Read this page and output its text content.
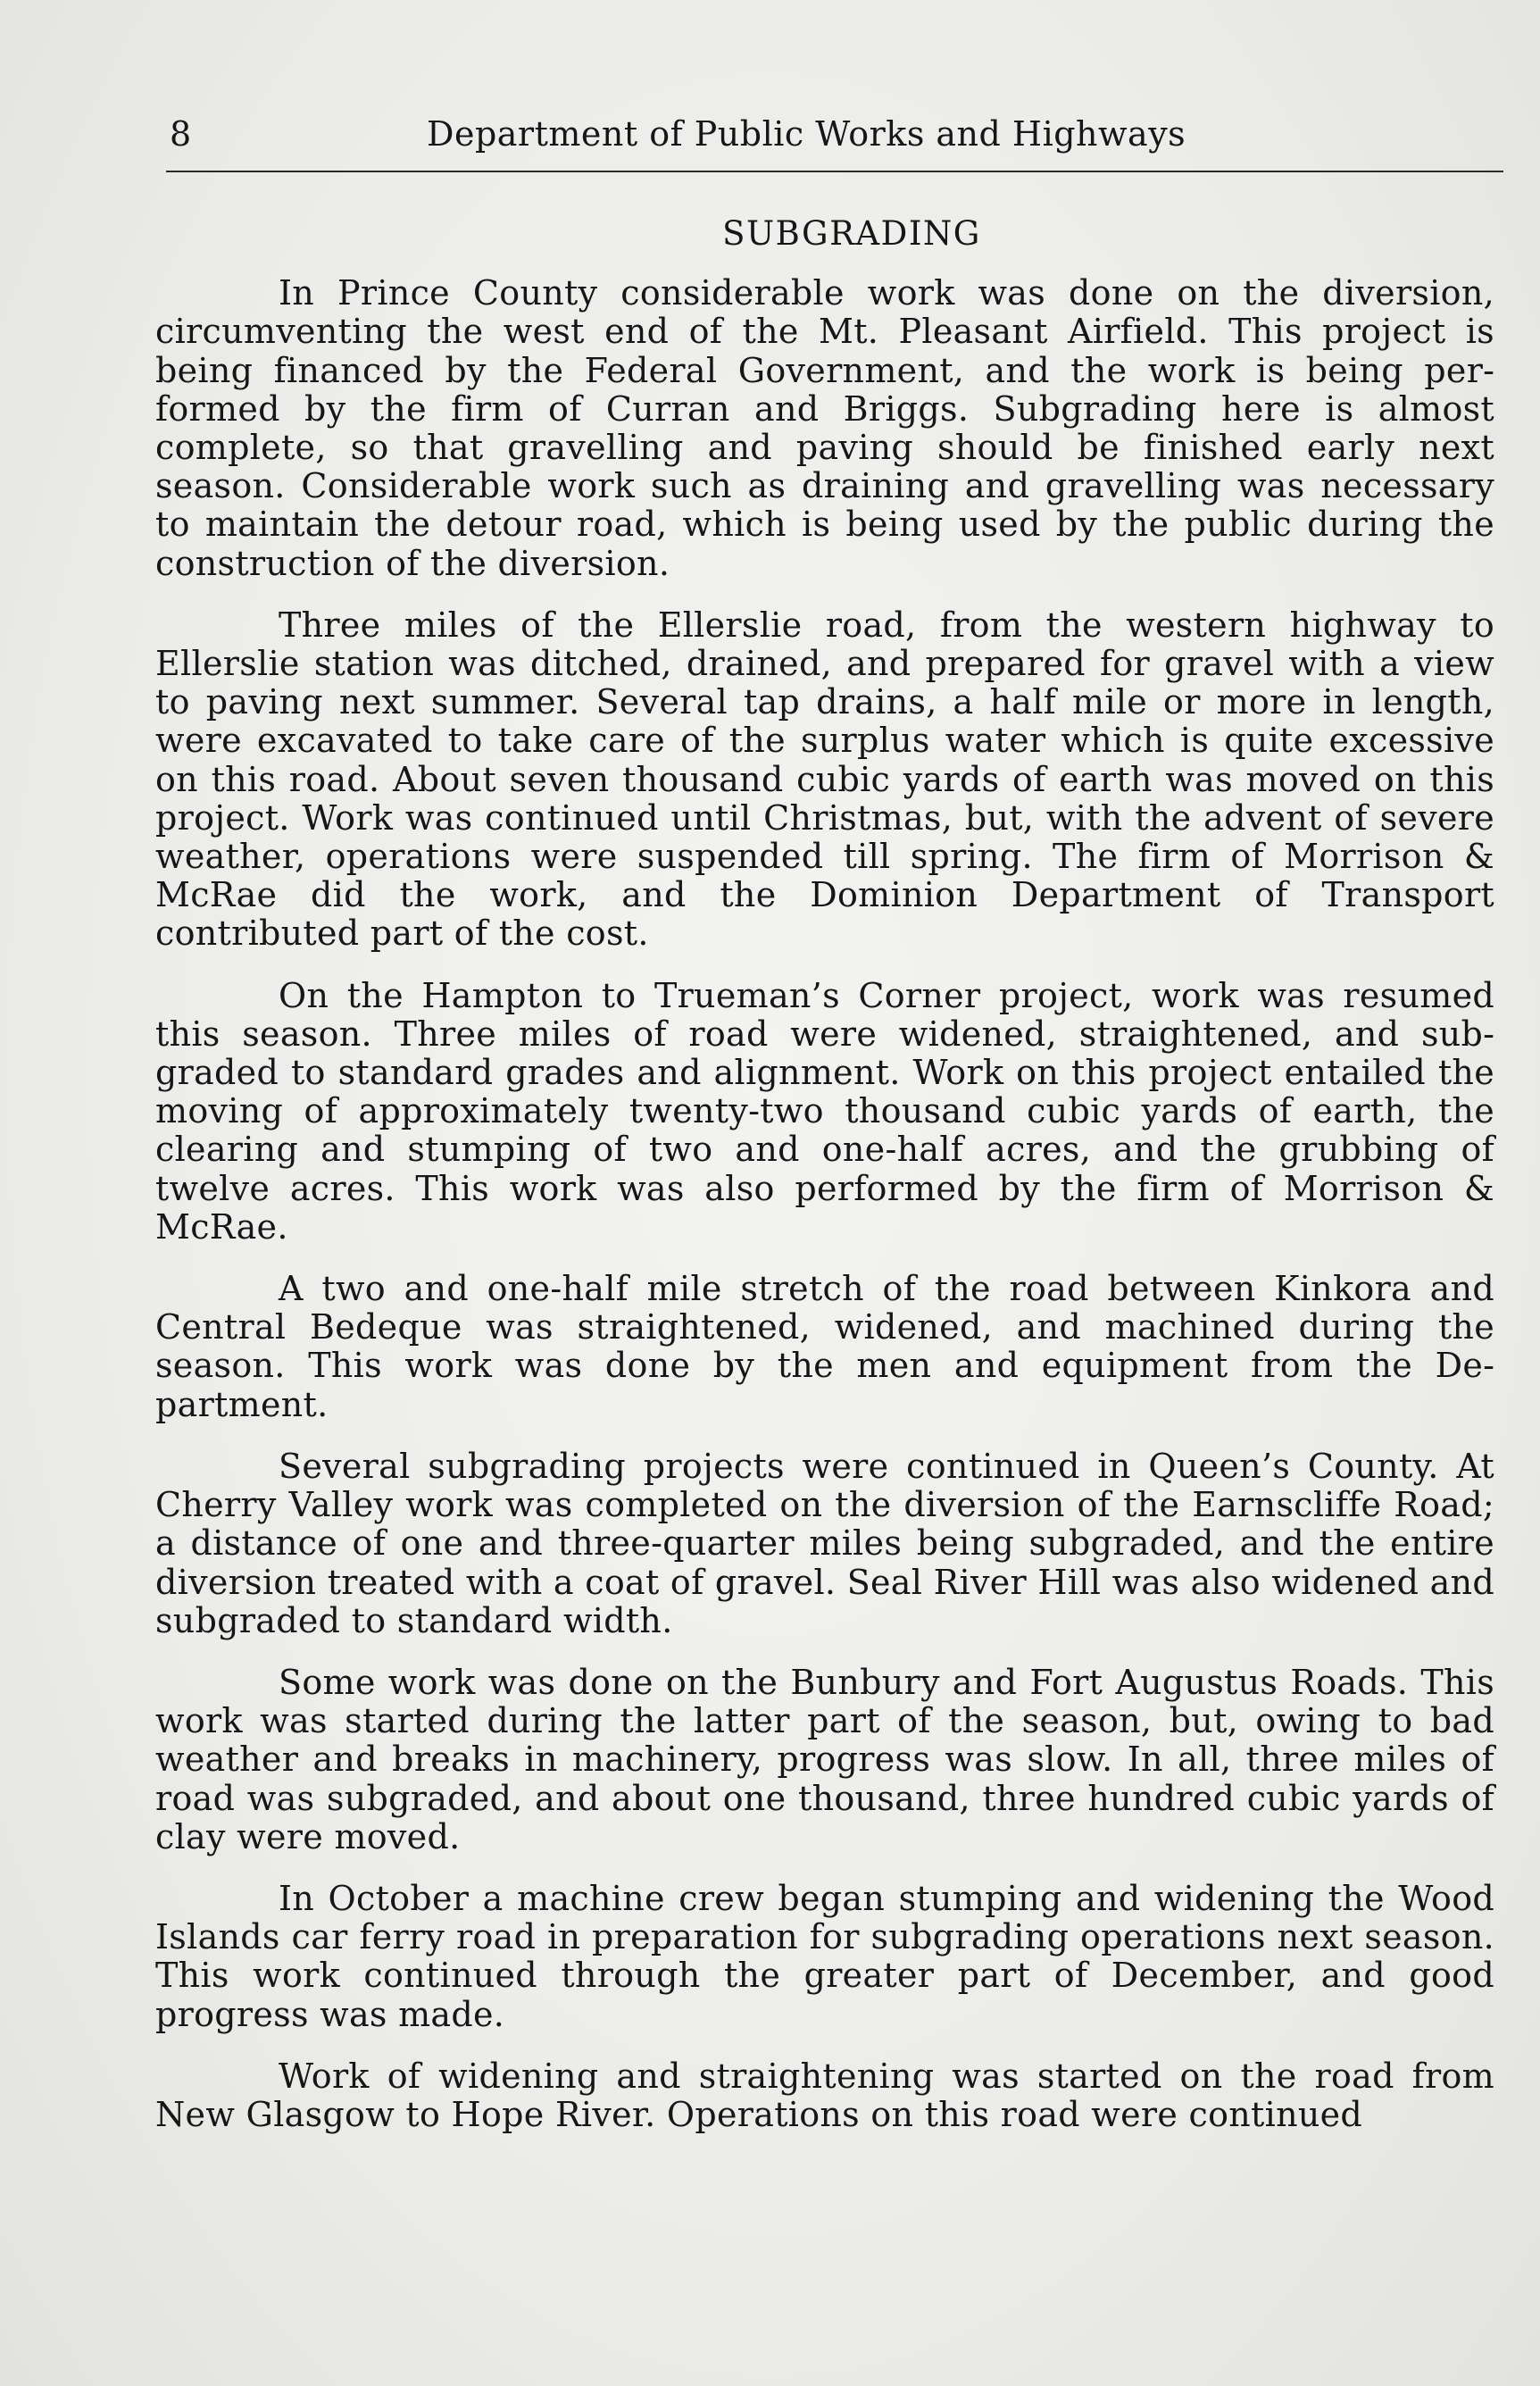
8	Department of Public Works and Highways
SUBGRADING

In Prince County considerable work was done on the diversion, circumventing the west end of the Mt. Pleasant Airfield. This project is being financed by the Federal Government, and the work is being performed by the firm of Curran and Briggs. Subgrading here is almost complete, so that gravelling and paving should be finished early next season. Considerable work such as draining and gravelling was necessary to maintain the detour road, which is being used by the public during the construction of the diversion.

Three miles of the Ellerslie road, from the western highway to Ellerslie station was ditched, drained, and prepared for gravel with a view to paving next summer. Several tap drains, a half mile or more in length, were excavated to take care of the surplus water which is quite excessive on this road. About seven thousand cubic yards of earth was moved on this project. Work was continued until Christmas, but, with the advent of severe weather, operations were suspended till spring. The firm of Morrison & McRae did the work, and the Dominion Department of Transport contributed part of the cost.

On the Hampton to Trueman’s Corner project, work was resumed this season. Three miles of road were widened, straightened, and subgraded to standard grades and alignment. Work on this project entailed the moving of approximately twenty-two thousand cubic yards of earth, the clearing and stumping of two and one-half acres, and the grubbing of twelve acres. This work was also performed by the firm of Morrison & McRae.

A two and one-half mile stretch of the road between Kinkora and Central Bedeque was straightened, widened, and machined during the season. This work was done by the men and equipment from the Department.

Several subgrading projects were continued in Queen’s County. At Cherry Valley work was completed on the diversion of the Earnscliffe Road; a distance of one and three-quarter miles being subgraded, and the entire diversion treated with a coat of gravel. Seal River Hill was also widened and subgraded to standard width.

Some work was done on the Bunbury and Fort Augustus Roads. This work was started during the latter part of the season, but, owing to bad weather and breaks in machinery, progress was slow. In all, three miles of road was subgraded, and about one thousand, three hundred cubic yards of clay were moved.

In October a machine crew began stumping and widening the Wood Islands car ferry road in preparation for subgrading operations next season. This work continued through the greater part of December, and good progress was made.

Work of widening and straightening was started on the road from New Glasgow to Hope River. Operations on this road were continued
